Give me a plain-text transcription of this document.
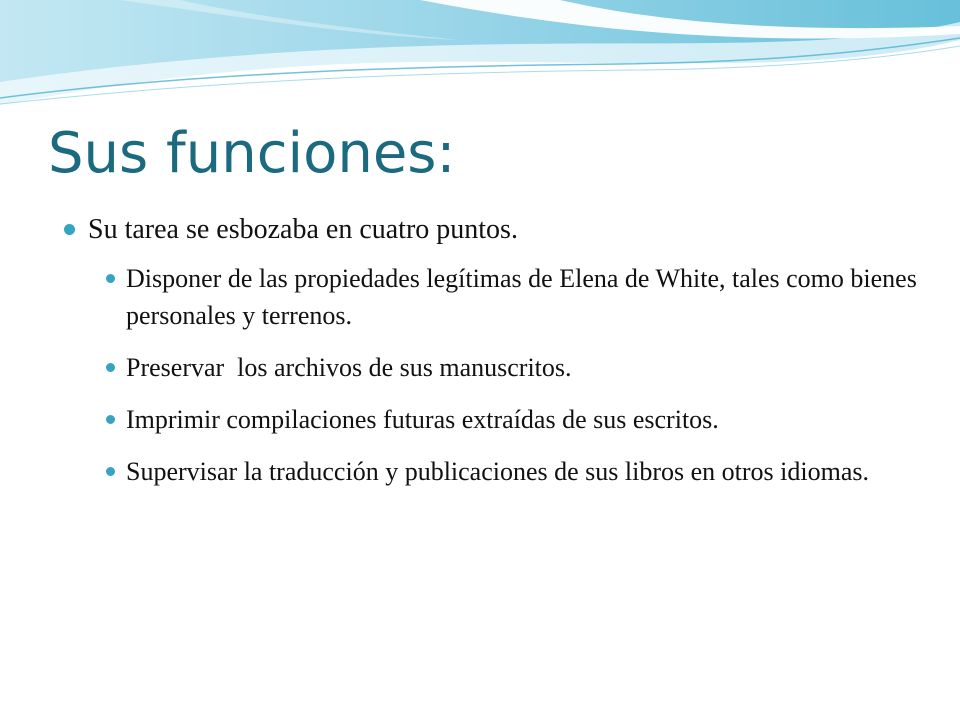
Sus funciones:
Su tarea se esbozaba en cuatro puntos.
Disponer de las propiedades legítimas de Elena de White, tales como bienes personales y terrenos.
Preservar  los archivos de sus manuscritos.
Imprimir compilaciones futuras extraídas de sus escritos.
Supervisar la traducción y publicaciones de sus libros en otros idiomas.
